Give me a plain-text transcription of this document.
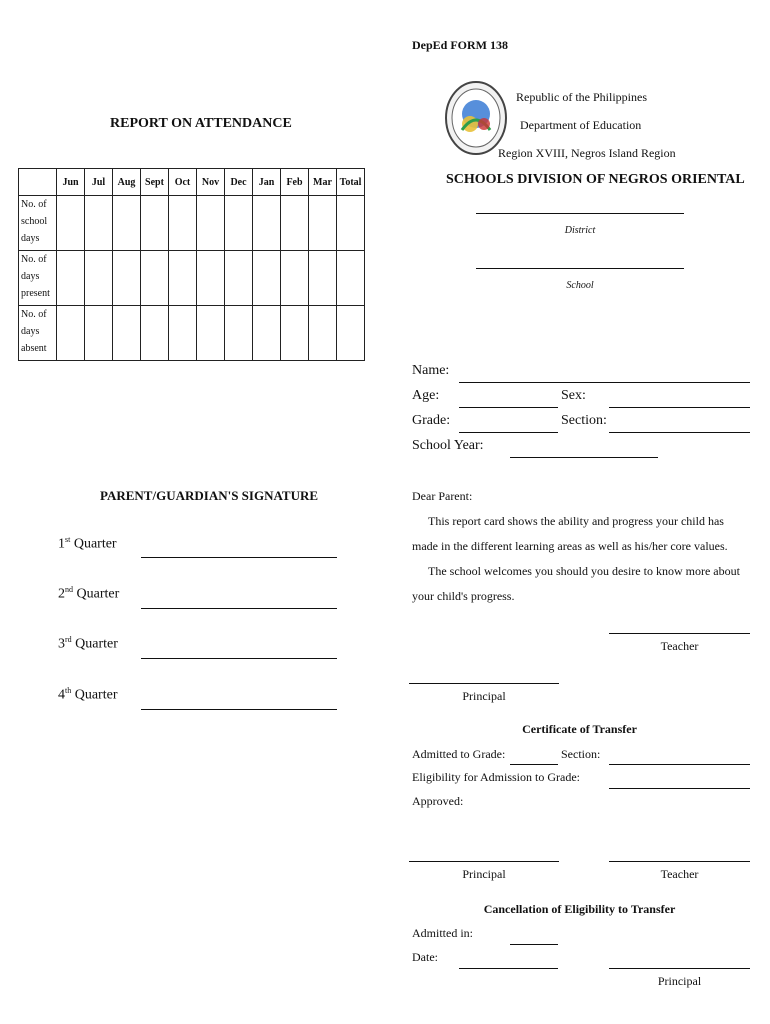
REPORT ON ATTENDANCE
	Jun	Jul	Aug	Sept	Oct	Nov	Dec	Jan	Feb	Mar	Total

No. of
school
days											

No. of
days
present											

No. of
days
absent											

PARENT/GUARDIAN'S SIGNATURE
1st Quarter
2nd Quarter
3rd Quarter
4th Quarter
DepEd FORM 138
Republic of the Philippines
Department of Education
Region XVIII, Negros Island Region
SCHOOLS DIVISION OF NEGROS ORIENTAL
District
School
Name:
Age:	Sex:
Grade:	Section:
School Year:
Dear Parent:
This report card shows the ability and progress your child has
made in the different learning areas as well as his/her core values.
The school welcomes you should you desire to know more about
your child's progress.
Teacher
Principal
Certificate of Transfer
Admitted to Grade:	Section:
Eligibility for Admission to Grade:
Approved:
Principal	Teacher
Cancellation of Eligibility to Transfer
Admitted in:
Date:
Principal
